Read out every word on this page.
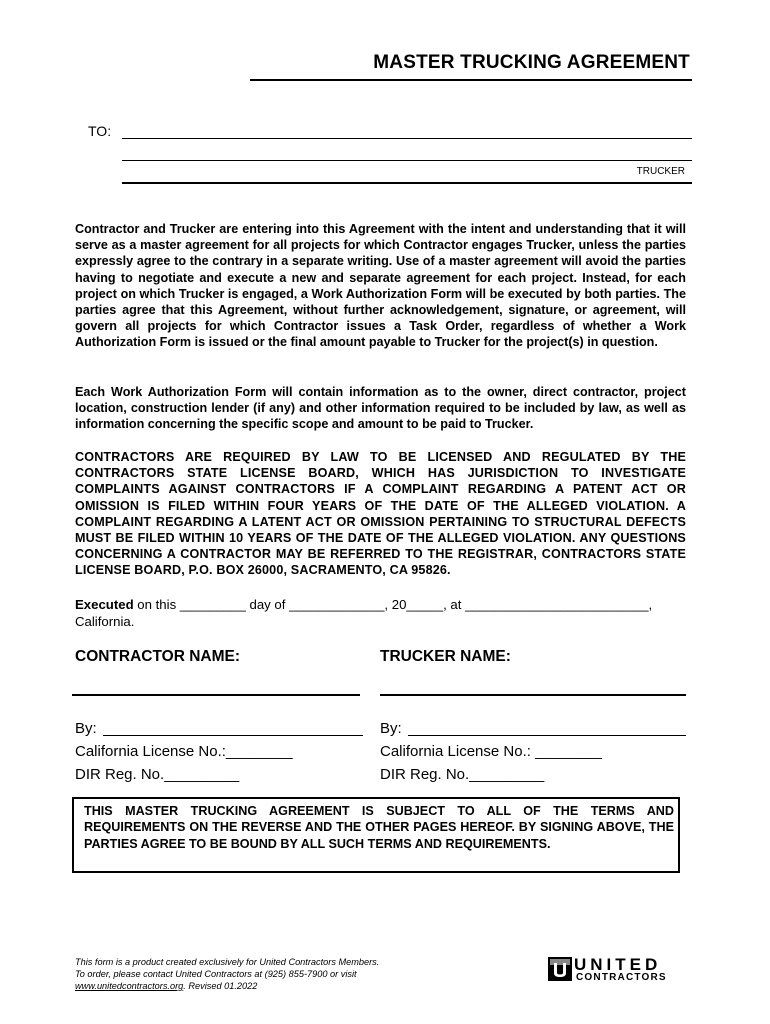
MASTER TRUCKING AGREEMENT
TO:
TRUCKER
Contractor and Trucker are entering into this Agreement with the intent and understanding that it will serve as a master agreement for all projects for which Contractor engages Trucker, unless the parties expressly agree to the contrary in a separate writing. Use of a master agreement will avoid the parties having to negotiate and execute a new and separate agreement for each project. Instead, for each project on which Trucker is engaged, a Work Authorization Form will be executed by both parties. The parties agree that this Agreement, without further acknowledgement, signature, or agreement, will govern all projects for which Contractor issues a Task Order, regardless of whether a Work Authorization Form is issued or the final amount payable to Trucker for the project(s) in question.
Each Work Authorization Form will contain information as to the owner, direct contractor, project location, construction lender (if any) and other information required to be included by law, as well as information concerning the specific scope and amount to be paid to Trucker.
CONTRACTORS ARE REQUIRED BY LAW TO BE LICENSED AND REGULATED BY THE CONTRACTORS STATE LICENSE BOARD, WHICH HAS JURISDICTION TO INVESTIGATE COMPLAINTS AGAINST CONTRACTORS IF A COMPLAINT REGARDING A PATENT ACT OR OMISSION IS FILED WITHIN FOUR YEARS OF THE DATE OF THE ALLEGED VIOLATION. A COMPLAINT REGARDING A LATENT ACT OR OMISSION PERTAINING TO STRUCTURAL DEFECTS MUST BE FILED WITHIN 10 YEARS OF THE DATE OF THE ALLEGED VIOLATION. ANY QUESTIONS CONCERNING A CONTRACTOR MAY BE REFERRED TO THE REGISTRAR, CONTRACTORS STATE LICENSE BOARD, P.O. BOX 26000, SACRAMENTO, CA 95826.
Executed on this _________ day of _____________, 20_____, at _________________________, California.
CONTRACTOR NAME:	TRUCKER NAME:
By:	By:
California License No.:________	California License No.: ________
DIR Reg. No._________	DIR Reg. No._________
THIS MASTER TRUCKING AGREEMENT IS SUBJECT TO ALL OF THE TERMS AND REQUIREMENTS ON THE REVERSE AND THE OTHER PAGES HEREOF. BY SIGNING ABOVE, THE PARTIES AGREE TO BE BOUND BY ALL SUCH TERMS AND REQUIREMENTS.
This form is a product created exclusively for United Contractors Members.
To order, please contact United Contractors at (925) 855-7900 or visit
www.unitedcontractors.org. Revised 01.2022
UNITED
CONTRACTORS
